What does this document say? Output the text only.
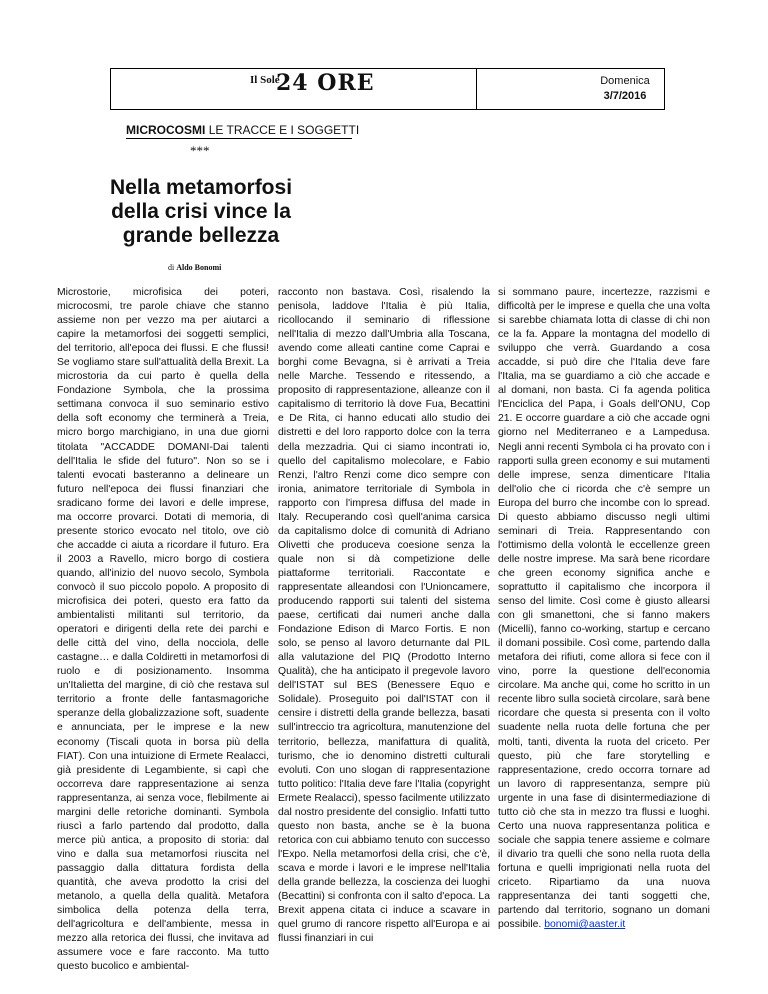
Il Sole
24 ORE	Domenica
3/7/2016
MICROCOSMI LE TRACCE E I SOGGETTI
***
Nella metamorfosi della crisi vince la grande bellezza
di Aldo Bonomi
Microstorie, microfisica dei poteri, microcosmi, tre parole chiave che stanno assieme non per vezzo ma per aiutarci a capire la metamorfosi dei soggetti semplici, del territorio, all'epoca dei flussi. E che flussi! Se vogliamo stare sull'attualità della Brexit. La microstoria da cui parto è quella della Fondazione Symbola, che la prossima settimana convoca il suo seminario estivo della soft economy che terminerà a Treia, micro borgo marchigiano, in una due giorni titolata "ACCADDE DOMANI-Dai talenti dell'Italia le sfide del futuro". Non so se i talenti evocati basteranno a delineare un futuro nell'epoca dei flussi finanziari che sradicano forme dei lavori e delle imprese, ma occorre provarci. Dotati di memoria, di presente storico evocato nel titolo, ove ciò che accadde ci aiuta a ricordare il futuro. Era il 2003 a Ravello, micro borgo di costiera quando, all'inizio del nuovo secolo, Symbola convocò il suo piccolo popolo. A proposito di microfisica dei poteri, questo era fatto da ambientalisti militanti sul territorio, da operatori e dirigenti della rete dei parchi e delle città del vino, della nocciola, delle castagne… e dalla Coldiretti in metamorfosi di ruolo e di posizionamento. Insomma un'Italietta del margine, di ciò che restava sul territorio a fronte delle fantasmagoriche speranze della globalizzazione soft, suadente e annunciata, per le imprese e la new economy (Tiscali quota in borsa più della FIAT). Con una intuizione di Ermete Realacci, già presidente di Legambiente, si capì che occorreva dare rappresentazione ai senza rappresentanza, ai senza voce, flebilmente ai margini delle retoriche dominanti. Symbola riuscì a farlo partendo dal prodotto, dalla merce più antica, a proposito di storia: dal vino e dalla sua metamorfosi riuscita nel passaggio dalla dittatura fordista della quantità, che aveva prodotto la crisi del metanolo, a quella della qualità. Metafora simbolica della potenza della terra, dell'agricoltura e dell'ambiente, messa in mezzo alla retorica dei flussi, che invitava ad assumere voce e fare racconto. Ma tutto questo bucolico e ambiental-
racconto non bastava. Così, risalendo la penisola, laddove l'Italia è più Italia, ricollocando il seminario di riflessione nell'Italia di mezzo dall'Umbria alla Toscana, avendo come alleati cantine come Caprai e borghi come Bevagna, si è arrivati a Treia nelle Marche. Tessendo e ritessendo, a proposito di rappresentazione, alleanze con il capitalismo di territorio là dove Fua, Becattini e De Rita, ci hanno educati allo studio dei distretti e del loro rapporto dolce con la terra della mezzadria. Qui ci siamo incontrati io, quello del capitalismo molecolare, e Fabio Renzi, l'altro Renzi come dico sempre con ironia, animatore territoriale di Symbola in rapporto con l'impresa diffusa del made in Italy. Recuperando così quell'anima carsica da capitalismo dolce di comunità di Adriano Olivetti che produceva coesione senza la quale non si dà competizione delle piattaforme territoriali. Raccontate e rappresentate alleandosi con l'Unioncamere, producendo rapporti sui talenti del sistema paese, certificati dai numeri anche dalla Fondazione Edison di Marco Fortis. E non solo, se penso al lavoro deturnante dal PIL alla valutazione del PIQ (Prodotto Interno Qualità), che ha anticipato il pregevole lavoro dell'ISTAT sul BES (Benessere Equo e Solidale). Proseguito poi dall'ISTAT con il censire i distretti della grande bellezza, basati sull'intreccio tra agricoltura, manutenzione del territorio, bellezza, manifattura di qualità, turismo, che io denomino distretti culturali evoluti. Con uno slogan di rappresentazione tutto politico: l'Italia deve fare l'Italia (copyright Ermete Realacci), spesso facilmente utilizzato dal nostro presidente del consiglio. Infatti tutto questo non basta, anche se è la buona retorica con cui abbiamo tenuto con successo l'Expo. Nella metamorfosi della crisi, che c'è, scava e morde i lavori e le imprese nell'Italia della grande bellezza, la coscienza dei luoghi (Becattini) si confronta con il salto d'epoca. La Brexit appena citata ci induce a scavare in quel grumo di rancore rispetto all'Europa e ai flussi finanziari in cui
si sommano paure, incertezze, razzismi e difficoltà per le imprese e quella che una volta si sarebbe chiamata lotta di classe di chi non ce la fa. Appare la montagna del modello di sviluppo che verrà. Guardando a cosa accadde, si può dire che l'Italia deve fare l'Italia, ma se guardiamo a ciò che accade e al domani, non basta. Ci fa agenda politica l'Enciclica del Papa, i Goals dell'ONU, Cop 21. E occorre guardare a ciò che accade ogni giorno nel Mediterraneo e a Lampedusa. Negli anni recenti Symbola ci ha provato con i rapporti sulla green economy e sui mutamenti delle imprese, senza dimenticare l'Italia dell'olio che ci ricorda che c'è sempre un Europa del burro che incombe con lo spread. Di questo abbiamo discusso negli ultimi seminari di Treia. Rappresentando con l'ottimismo della volontà le eccellenze green delle nostre imprese. Ma sarà bene ricordare che green economy significa anche e soprattutto il capitalismo che incorpora il senso del limite. Così come è giusto allearsi con gli smanettoni, che si fanno makers (Micelli), fanno co-working, startup e cercano il domani possibile. Così come, partendo dalla metafora dei rifiuti, come allora si fece con il vino, porre la questione dell'economia circolare. Ma anche qui, come ho scritto in un recente libro sulla società circolare, sarà bene ricordare che questa si presenta con il volto suadente nella ruota delle fortuna che per molti, tanti, diventa la ruota del criceto. Per questo, più che fare storytelling e rappresentazione, credo occorra tornare ad un lavoro di rappresentanza, sempre più urgente in una fase di disintermediazione di tutto ciò che sta in mezzo tra flussi e luoghi. Certo una nuova rappresentanza politica e sociale che sappia tenere assieme e colmare il divario tra quelli che sono nella ruota della fortuna e quelli imprigionati nella ruota del criceto. Ripartiamo da una nuova rappresentanza dei tanti soggetti che, partendo dal territorio, sognano un domani possibile. bonomi@aaster.it
